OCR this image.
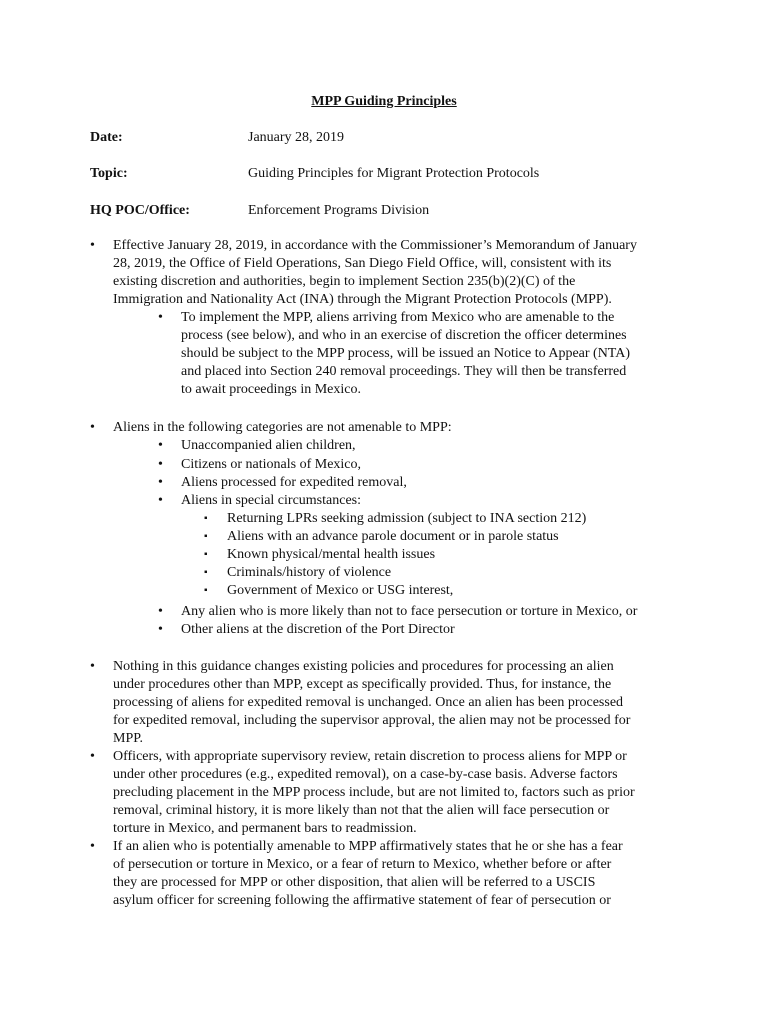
MPP Guiding Principles
Date:	January 28, 2019
Topic:	Guiding Principles for Migrant Protection Protocols
HQ POC/Office:	Enforcement Programs Division
• Effective January 28, 2019, in accordance with the Commissioner’s Memorandum of January
28, 2019, the Office of Field Operations, San Diego Field Office, will, consistent with its
existing discretion and authorities, begin to implement Section 235(b)(2)(C) of the
Immigration and Nationality Act (INA) through the Migrant Protection Protocols (MPP).
• To implement the MPP, aliens arriving from Mexico who are amenable to the
process (see below), and who in an exercise of discretion the officer determines
should be subject to the MPP process, will be issued an Notice to Appear (NTA)
and placed into Section 240 removal proceedings. They will then be transferred
to await proceedings in Mexico.
• Aliens in the following categories are not amenable to MPP:
• Unaccompanied alien children,
• Citizens or nationals of Mexico,
• Aliens processed for expedited removal,
• Aliens in special circumstances:
▪ Returning LPRs seeking admission (subject to INA section 212)
▪ Aliens with an advance parole document or in parole status
▪ Known physical/mental health issues
▪ Criminals/history of violence
▪ Government of Mexico or USG interest,
• Any alien who is more likely than not to face persecution or torture in Mexico, or
• Other aliens at the discretion of the Port Director
• Nothing in this guidance changes existing policies and procedures for processing an alien
under procedures other than MPP, except as specifically provided. Thus, for instance, the
processing of aliens for expedited removal is unchanged. Once an alien has been processed
for expedited removal, including the supervisor approval, the alien may not be processed for
MPP.
• Officers, with appropriate supervisory review, retain discretion to process aliens for MPP or
under other procedures (e.g., expedited removal), on a case-by-case basis. Adverse factors
precluding placement in the MPP process include, but are not limited to, factors such as prior
removal, criminal history, it is more likely than not that the alien will face persecution or
torture in Mexico, and permanent bars to readmission.
• If an alien who is potentially amenable to MPP affirmatively states that he or she has a fear
of persecution or torture in Mexico, or a fear of return to Mexico, whether before or after
they are processed for MPP or other disposition, that alien will be referred to a USCIS
asylum officer for screening following the affirmative statement of fear of persecution or
